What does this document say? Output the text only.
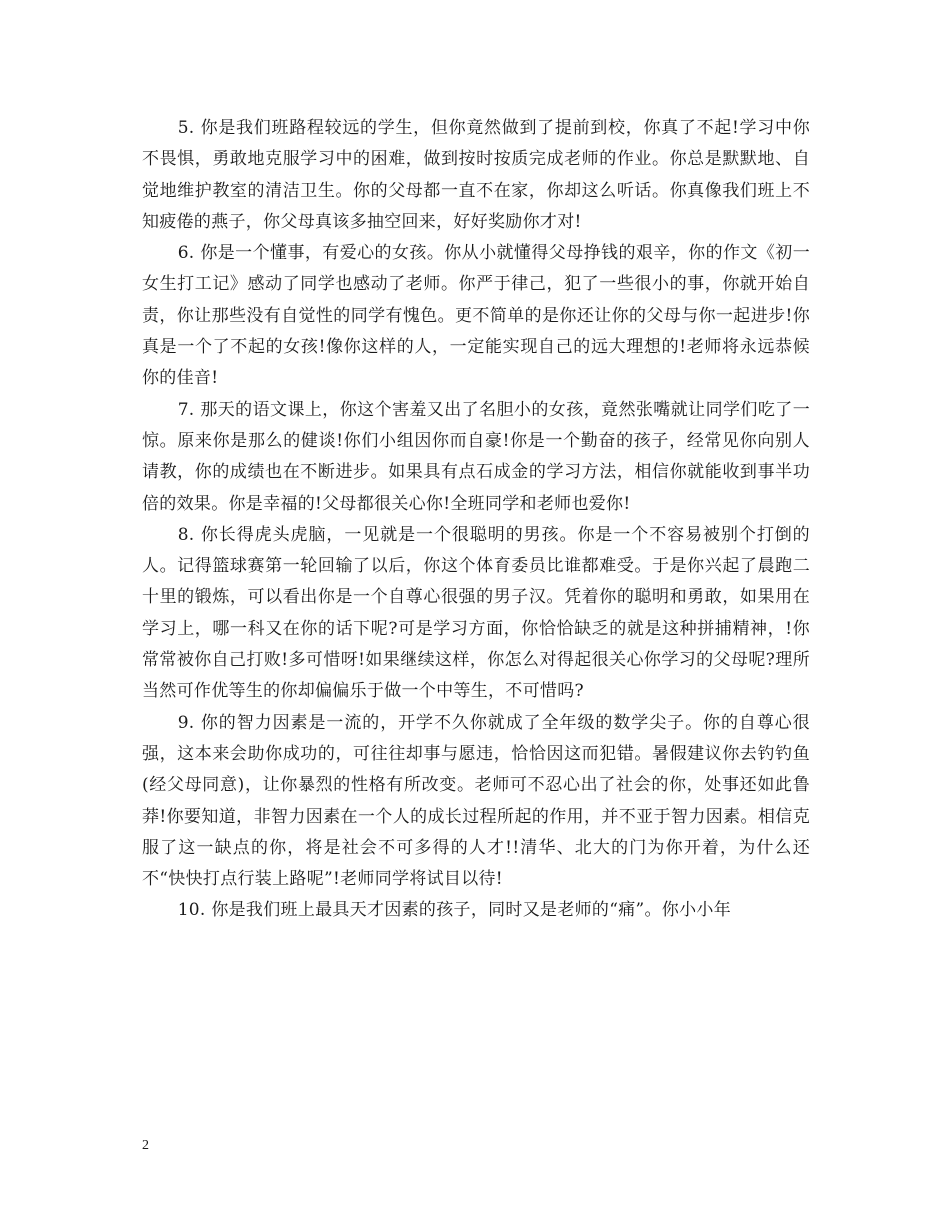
5. 你是我们班路程较远的学生，但你竟然做到了提前到校，你真了不起!学习中你不畏惧，勇敢地克服学习中的困难，做到按时按质完成老师的作业。你总是默默地、自觉地维护教室的清洁卫生。你的父母都一直不在家，你却这么听话。你真像我们班上不知疲倦的燕子，你父母真该多抽空回来，好好奖励你才对!

6. 你是一个懂事，有爱心的女孩。你从小就懂得父母挣钱的艰辛，你的作文《初一女生打工记》感动了同学也感动了老师。你严于律己，犯了一些很小的事，你就开始自责，你让那些没有自觉性的同学有愧色。更不简单的是你还让你的父母与你一起进步!你真是一个了不起的女孩!像你这样的人，一定能实现自己的远大理想的!老师将永远恭候你的佳音!

7. 那天的语文课上，你这个害羞又出了名胆小的女孩，竟然张嘴就让同学们吃了一惊。原来你是那么的健谈!你们小组因你而自豪!你是一个勤奋的孩子，经常见你向别人请教，你的成绩也在不断进步。如果具有点石成金的学习方法，相信你就能收到事半功倍的效果。你是幸福的!父母都很关心你!全班同学和老师也爱你!

8. 你长得虎头虎脑，一见就是一个很聪明的男孩。你是一个不容易被别个打倒的人。记得篮球赛第一轮回输了以后，你这个体育委员比谁都难受。于是你兴起了晨跑二十里的锻炼，可以看出你是一个自尊心很强的男子汉。凭着你的聪明和勇敢，如果用在学习上，哪一科又在你的话下呢?可是学习方面，你恰恰缺乏的就是这种拼捕精神，!你常常被你自己打败!多可惜呀!如果继续这样，你怎么对得起很关心你学习的父母呢?理所当然可作优等生的你却偏偏乐于做一个中等生，不可惜吗?

9. 你的智力因素是一流的，开学不久你就成了全年级的数学尖子。你的自尊心很强，这本来会助你成功的，可往往却事与愿违，恰恰因这而犯错。暑假建议你去钓钓鱼(经父母同意)，让你暴烈的性格有所改变。老师可不忍心出了社会的你，处事还如此鲁莽!你要知道，非智力因素在一个人的成长过程所起的作用，并不亚于智力因素。相信克服了这一缺点的你，将是社会不可多得的人才!!清华、北大的门为你开着，为什么还不“快快打点行装上路呢”!老师同学将试目以待!

10. 你是我们班上最具天才因素的孩子，同时又是老师的“痛”。你小小年

2
